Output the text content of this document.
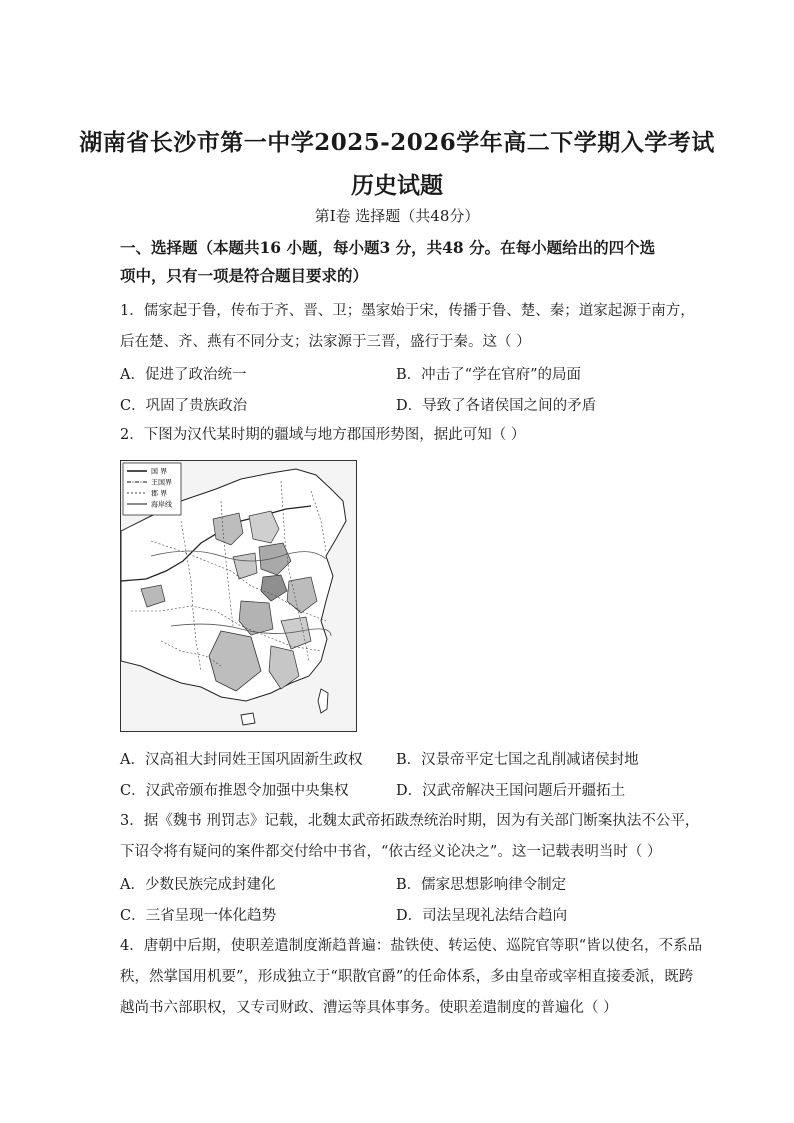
湖南省长沙市第一中学2025-2026学年高二下学期入学考试
历史试题
第Ⅰ卷 选择题（共48分）
一、选择题（本题共16 小题，每小题3 分，共48 分。在每小题给出的四个选
项中，只有一项是符合题目要求的）
1．儒家起于鲁，传布于齐、晋、卫；墨家始于宋，传播于鲁、楚、秦；道家起源于南方，
后在楚、齐、燕有不同分支；法家源于三晋，盛行于秦。这（ ）
A．促进了政治统一	B．冲击了“学在官府”的局面
C．巩固了贵族政治	D．导致了各诸侯国之间的矛盾
2．下图为汉代某时期的疆域与地方郡国形势图，据此可知（ ）
国 界
王国界
郡 界
海岸线
A．汉高祖大封同姓王国巩固新生政权 B．汉景帝平定七国之乱削减诸侯封地
C．汉武帝颁布推恩令加强中央集权	D．汉武帝解决王国问题后开疆拓土
3．据《魏书 刑罚志》记载，北魏太武帝拓跋焘统治时期，因为有关部门断案执法不公平，
下诏令将有疑问的案件都交付给中书省，“依古经义论决之”。这一记载表明当时（ ）
A．少数民族完成封建化	B．儒家思想影响律令制定
C．三省呈现一体化趋势	D．司法呈现礼法结合趋向
4．唐朝中后期，使职差遣制度渐趋普遍：盐铁使、转运使、巡院官等职“皆以使名，不系品
秩，然掌国用机要”，形成独立于“职散官爵”的任命体系，多由皇帝或宰相直接委派，既跨
越尚书六部职权，又专司财政、漕运等具体事务。使职差遣制度的普遍化（ ）
